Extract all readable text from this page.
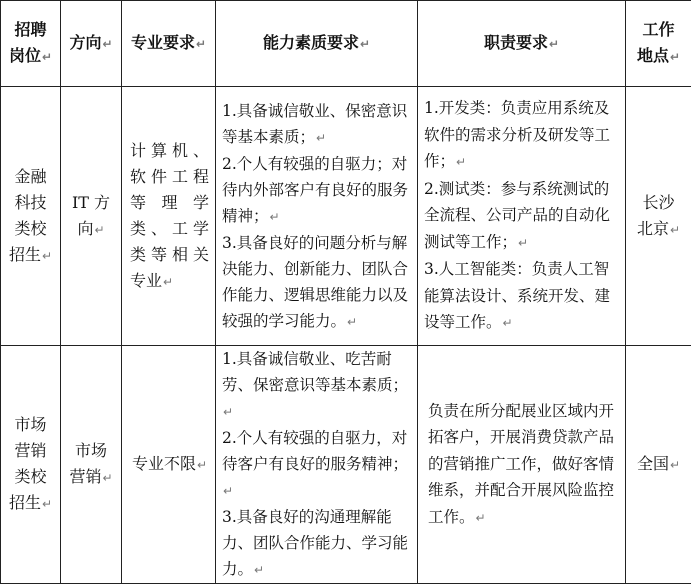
招聘
岗位↵	方向↵	专业要求↵	能力素质要求↵	职责要求↵	工作
地点↵

金融
科技
类校
招生↵	IT 方
向↵	计算机、软件工程等理学类、工学类等相关专业↵	1.具备诚信敬业、保密意识等基本素质；↵
2.个人有较强的自驱力；对待内外部客户有良好的服务精神；↵
3.具备良好的问题分析与解决能力、创新能力、团队合作能力、逻辑思维能力以及较强的学习能力。↵	1.开发类：负责应用系统及软件的需求分析及研发等工作；↵
2.测试类：参与系统测试的全流程、公司产品的自动化测试等工作；↵
3.人工智能类：负责人工智能算法设计、系统开发、建设等工作。↵	长沙
北京↵

市场
营销
类校
招生↵	市场
营销↵	专业不限↵	1.具备诚信敬业、吃苦耐劳、保密意识等基本素质；↵
2.个人有较强的自驱力，对待客户有良好的服务精神；↵
3.具备良好的沟通理解能力、团队合作能力、学习能力。↵	负责在所分配展业区域内开拓客户，开展消费贷款产品的营销推广工作，做好客情维系，并配合开展风险监控工作。↵	全国↵
